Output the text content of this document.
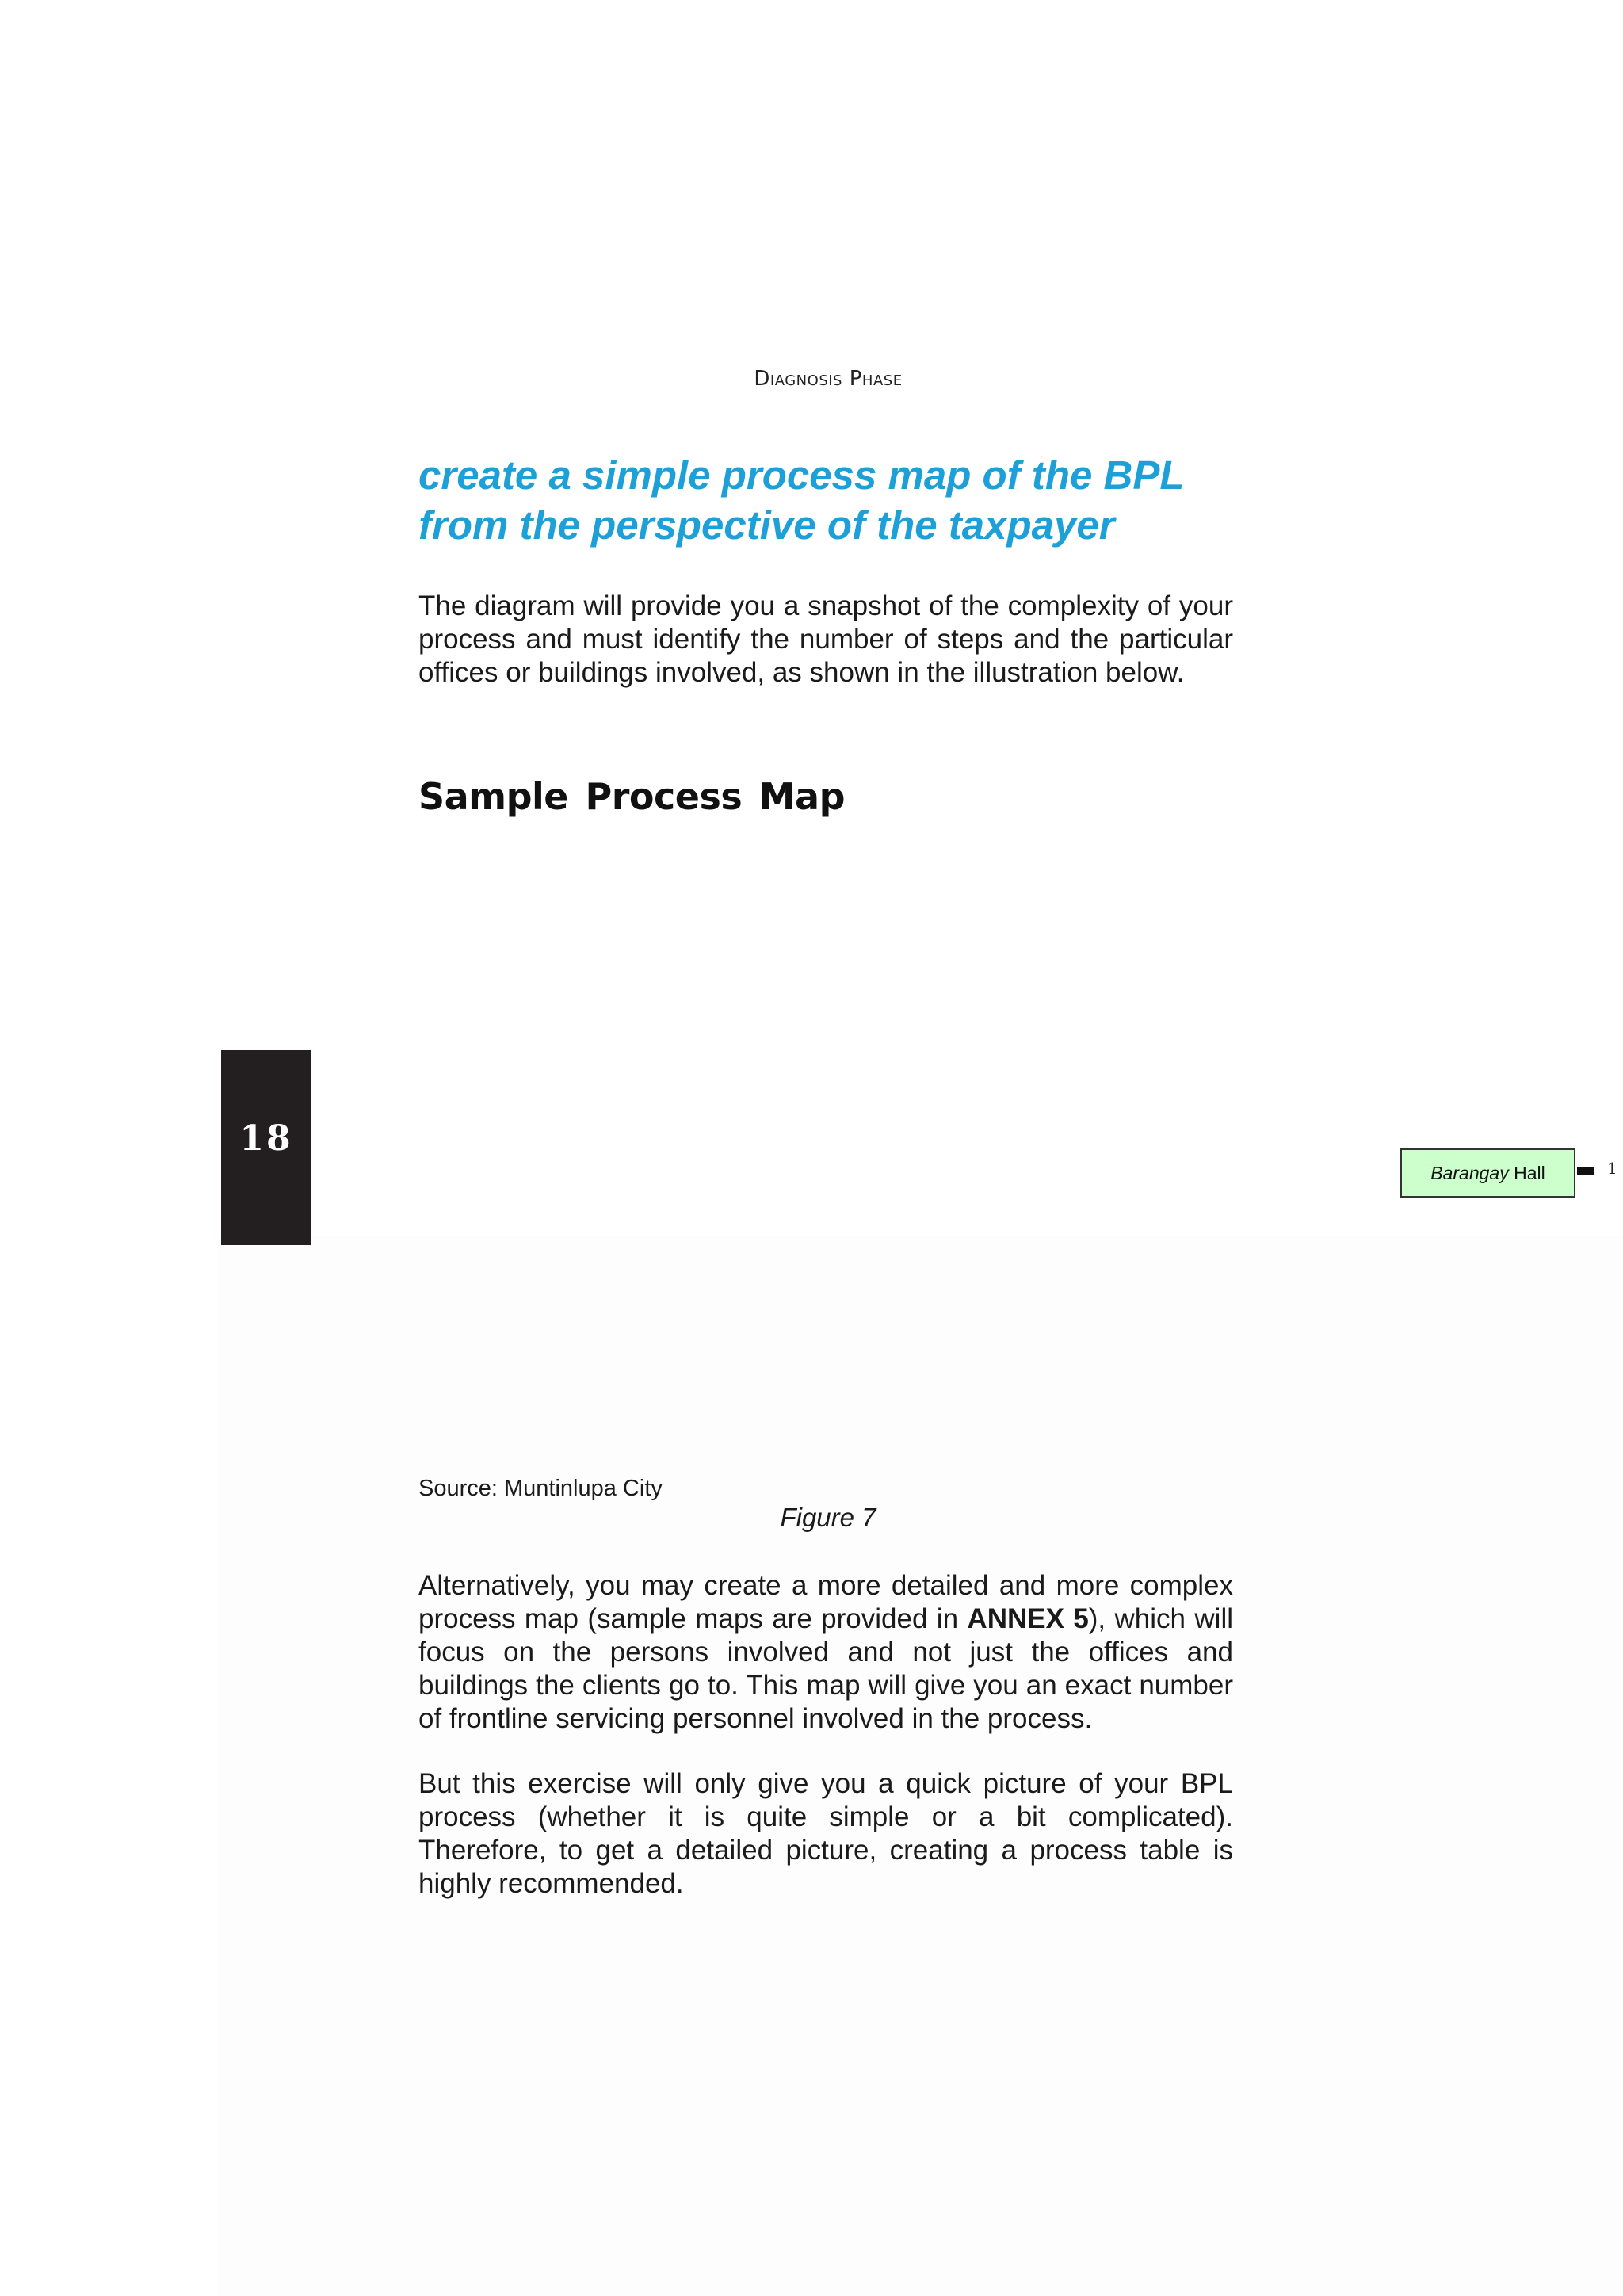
Diagnosis Phase
create a simple process map of the BPL from the perspective of the taxpayer

The diagram will provide you a snapshot of the complexity of your process and must identify the number of steps and the particular offices or buildings involved, as shown in the illustration below.

Sample Process Map
18
Barangay Hall	1
Source: Muntinlupa City
Figure 7

Alternatively, you may create a more detailed and more complex process map (sample maps are provided in ANNEX 5), which will focus on the persons involved and not just the offices and buildings the clients go to. This map will give you an exact number of frontline servicing personnel involved in the process.

But this exercise will only give you a quick picture of your BPL process (whether it is quite simple or a bit complicated). Therefore, to get a detailed picture, creating a process table is highly recommended.
